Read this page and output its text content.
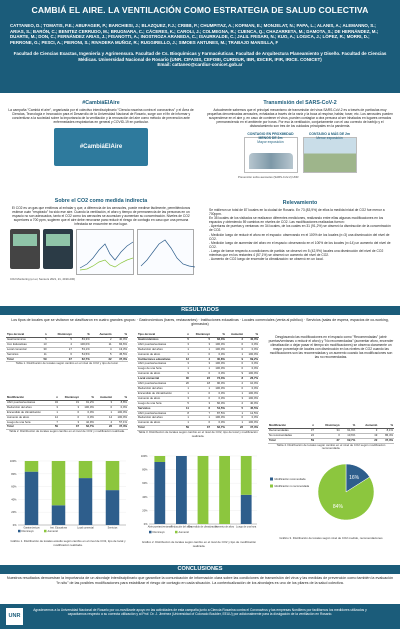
CAMBIÁ EL AIRE. LA VENTILACIÓN COMO ESTRATEGIA DE SALUD COLECTIVA
CATTANEO, D.; TOMATIS, P.E.; ABUFAGER, P.; BARCHIESI, J.; BLAZQUEZ, F.J.; CRIBB, P.; CHUMPITAZ, A.; KOFMAN, E.; MONJELAT, N.; PAPA, L.; ALANIS, A.; ALEMANNO, S.; ARIAS, S.; BARÓN, C.; BENITEZ CERRUDO, M.; BRUGNARA, C.; CÁCERES, K.; CAROLI, J.; COLMEGNA, R.; CUENCA, Q.; CHAZARRETA, M.; DAMOTA, S.; DE HERNÁNDEZ, M.; DUARTE, M.; DON, C.; FERNÁNDEZ ARIAS, J.; FISANOTTI, A.; INOSTROZA ARANEDA, C.; ISAURRALDE, C.; JALIL FRISARI, N.; KUO, A.; LOGICA, J.; LÓPEZ, R.; MORRI, D.; PERRONE, G.; PESCI, A.; PIERONI, S.; RIVADERA MUÑOZ, R.; RUGGIRELLO, J.; SIMOES ANTUNES, M.; TRABAJO MANSILLA, F
Facultad de Ciencias Exactas, Ingeniería y Agrimensura. Facultad de Cs. Bioquímicas y Farmacéuticas. Facultad de Arquitectura Planeamiento y Diseño. Facultad de Ciencias Médicas. Universidad Nacional de Rosario (UNR. CIFASIS, CEFOBI, CURDIUR, IBR, IDICER, IFIR, IRICE. CONICET)
Email: cattaneo@cardiur-conicet.gob.ar
#CambiáElAire
La campaña "Cambiá el aire", organizada por el colectivo interdisciplinario "Ciencia rosarina contra el coronavirus" y el Área de Ciencias, Tecnología e Innovación para el Desarrollo de la Universidad Nacional de Rosario, surge con el fin de informar y concientizar a la sociedad sobre la importancia de la ventilación y la renovación del aire como método de prevención ante enfermedades respiratorias en general y COVID-19 en particular.
#CambiáElAire
Transmisión del SARS-CoV-2
Actualmente sabemos que el principal mecanismo de transmisión del virus SARS-CoV-2 es a través de partículas muy pequeñas denominadas aerosoles, exhaladas a través de la nariz y la boca al respirar, hablar, toser, etc. Los aerosoles pueden suspenderse en el aire y, en caso de contener el virus, pueden contagiar a otra persona al ser inhalados en lugares cerrados permaneciendo en el ambiente por horas. Por eso la ventilación, conjuntamente con el uso correcto de barbijo y el distanciamiento son tres de los cuidados principales en la pandemia.
CONTAGIO EN PROXIMIDAD MENOS DE 2m
Mayor exposición
CONTAGIO A MÁS DE 2m
Menor exposición
Prevención sobre aerosoles (SARS-CoV-2) UNR
Sobre el CO2 como medida indirecta
El CO2 es un gas que emitimos al exhalar y que, a diferencia de los aerosoles, puede medirse fácilmente, permitiéndonos estimar cuán "respirado" ha sido ese aire. Cuando la ventilación, el aforo y tiempo de permanencia de las personas en un espacio no son adecuados, tanto el CO2 como los aerosoles se acumulan y aumentan su concentración. Niveles de CO2 superiores a 700 ppm, sugieren que el aire debe renovarse para reducir el riesgo de contagio en caso que una persona infectada se encuentre en ese lugar.
CO2 Monitoring (en el, Sensors 2021, 21, 4190-200)
Relevamiento

Se midieron un total de 87 locales en la ciudad de Rosario. En 73 (83,9%) de ellos la medida inicial de CO2 fue menor a 700ppm.

En 35 locales de los visitados se realizaron diferentes mediciones, realizando entre ellas algunas modificaciones en los espacios y obteniendo 59 cambios en niveles de CO2. Las modificaciones realizadas fueron:

- Aperturas de puertas y ventanas: en 34 locales, de los cuales en 31 (91,2%) se observó la disminución de la concentración de CO2.

- Medición luego de reducir el aforo en el espacio: observando en el 100% de los locales (n=3) una disminución del nivel de CO2.

- Medición luego de aumentar del aforo en el espacio: observando en el 100% de los locales (n=14) un aumento del nivel de CO2.

- Luego de tomar respecto a condiciones de partida: se observó en 5 (42,9%) locales una disminución del nivel de CO2 mientras que en los restantes 4 (57,1%) se observó un aumento del nivel de CO2.

- Aumento de CO2 luego de encender la climatización: se observó en un local.

RESULTADOS
Los tipos de locales que se visitaron se clasificaron en cuatro grandes grupos: · Gastronómicos (bares, restaurantes) · Instituciones educativas · Locales comerciales (venta al público) · Servicios (salas de espera, espacios de co-working, gimnasios)
Tipo de local	n	Disminuyó	%	Aumentó	%
Gastronómicos	5	5	83,3%	2	40,0%
Inst. Educativas	13	4	100,0%	11	84,6%
Local comercial	30	17	53,1%	4	13,3%
Servicios	11	6	54,5%	5	45,5%
Total	59	37	62,7%	22	37,3%
Tabla 1. Distribución de locales según cambio en el nivel de CO2 y tipo de local.
Modificación	n	Disminuyó	%	Aumentó	%
Abrir puertas/ventanas	34	31	91,2%	3	8,8%
Reducción del aforo	3	3	100,0%	0	0,0%
Encendido de climatización	1	0	0,0%	1	100,0%
Aumento de aforo	14	0	0,0%	14	100,0%
Luego de una hora	7	3	42,9%	4	57,1%
Total	59	37	62,7%	22	37,3%
Tabla 2. Distribución de locales según cambio en el nivel de CO2 y modificación realizada.
Tipo de local	n	Disminuyó	%	Aumentó	%
Gastronómicos	5	5	83,3%	2	40,0%
Abrir puertas/ventanas	3	3	100,0%	0	0,0%
Reducción del aforo	1	1	100,0%	0	0,0%
Aumento de aforo	1	0	0,0%	1	100,0%
Instituciones educativas	13	4	30,8%	9	69,2%
Abrir puertas/ventanas	3	3	100,0%	0	0,0%
Luego de una hora	1	1	100,0%	0	0,0%
Aumento de aforo	9	0	0,0%	9	100,0%
Local comercial	30	22	73,3%	8	26,7%
Abrir puertas/ventanas	20	18	90,0%	2	10,0%
Reducción del aforo	1	1	100,0%	0	0,0%
Encendido de climatización	1	0	0,0%	1	100,0%
Aumento de aforo	3	0	0,0%	3	100,0%
Luego de una hora	5	3	60,0%	2	40,0%
Servicios	11	6	54,5%	5	45,5%
Abrir puertas/ventanas	8	7	87,5%	1	12,5%
Reducción del aforo	1	1	100,0%	0	0,0%
Aumento de aforo	1	0	0,0%	1	100,0%
Total	59	37	62,7%	22	37,3%
Tabla 3. Distribución de locales según cambio en el nivel de CO2, tipo de local y modificación realizada.
Desglosando las modificaciones en el espacio como "Recomendadas" (abrir puertas/ventanas o reducir el aforo) y "No recomendadas" (aumentar aforo, encender climatización o dejar pasar el tiempo sin modificaciones) se observa claramente un mayor porcentaje de locales con disminución en los niveles de CO2 cuando las modificaciones son las recomendadas y un aumento cuando las modificaciones son las no recomendadas.
Modificación	n	Disminuyó	%	Aumentó	%
Recomendadas	37	34	91,9%	3	8,1%
No recomendadas	22	3	13,6%	19	86,4%
Total	59	37	62,7%	22	37,3%
Tabla 4. Distribución de locales según cambio en el nivel de CO2 según modificación recomendada.
0%
20%
40%
60%
80%
100%
Gastronómicos	Inst. Educativas	Local comercial	Servicios
Disminuyó	Aumentó
Gráfico 1. Distribución de locales estudio según cambio en el nivel de CO2, tipo de local y modificación realizada.
0%
20%
40%
60%
80%
100%
Abrir puertas/ventanas
Reducción del aforo
Encendido de climatización
Aumento de aforo Luego de una hora
Disminuyó	Aumentó
Gráfico 2. Distribución de locales según cambio en el nivel de CO2 y tipo de modificación realizada.
16%
84%
Modificación recomendada
Modificación no recomendada
Gráfico 3. Distribución de locales según nivel de CO2 medido, recomendaciones
CONCLUSIONES
Nuestros resultados demuestran la importancia de un abordaje interdisciplinario que garantice la comunicación de información clara sobre las condiciones de transmisión del virus y las medidas de prevención como también la evaluación "in situ" de las posibles modificaciones para estabilizar el riesgo de contagio en cada situación. La contextualización de los abordajes es uno de los pilares de la salud colectiva.
UNR
Agradecemos a la Universidad Nacional de Rosario por co-movilizarle apoyo en las actividades de esta campaña junto a Ciencia Rosarina contra el Coronavirus y las empresas Nordliens por facilitarnos los medidores utilizados y capacitarnos respecto a su correcta utilización y al Prof. Dr. J. Jiménez (Universidad of Colorado Boulder, EEUU) por adicionalmente para la divulgación de la ventilación en Rosario.
